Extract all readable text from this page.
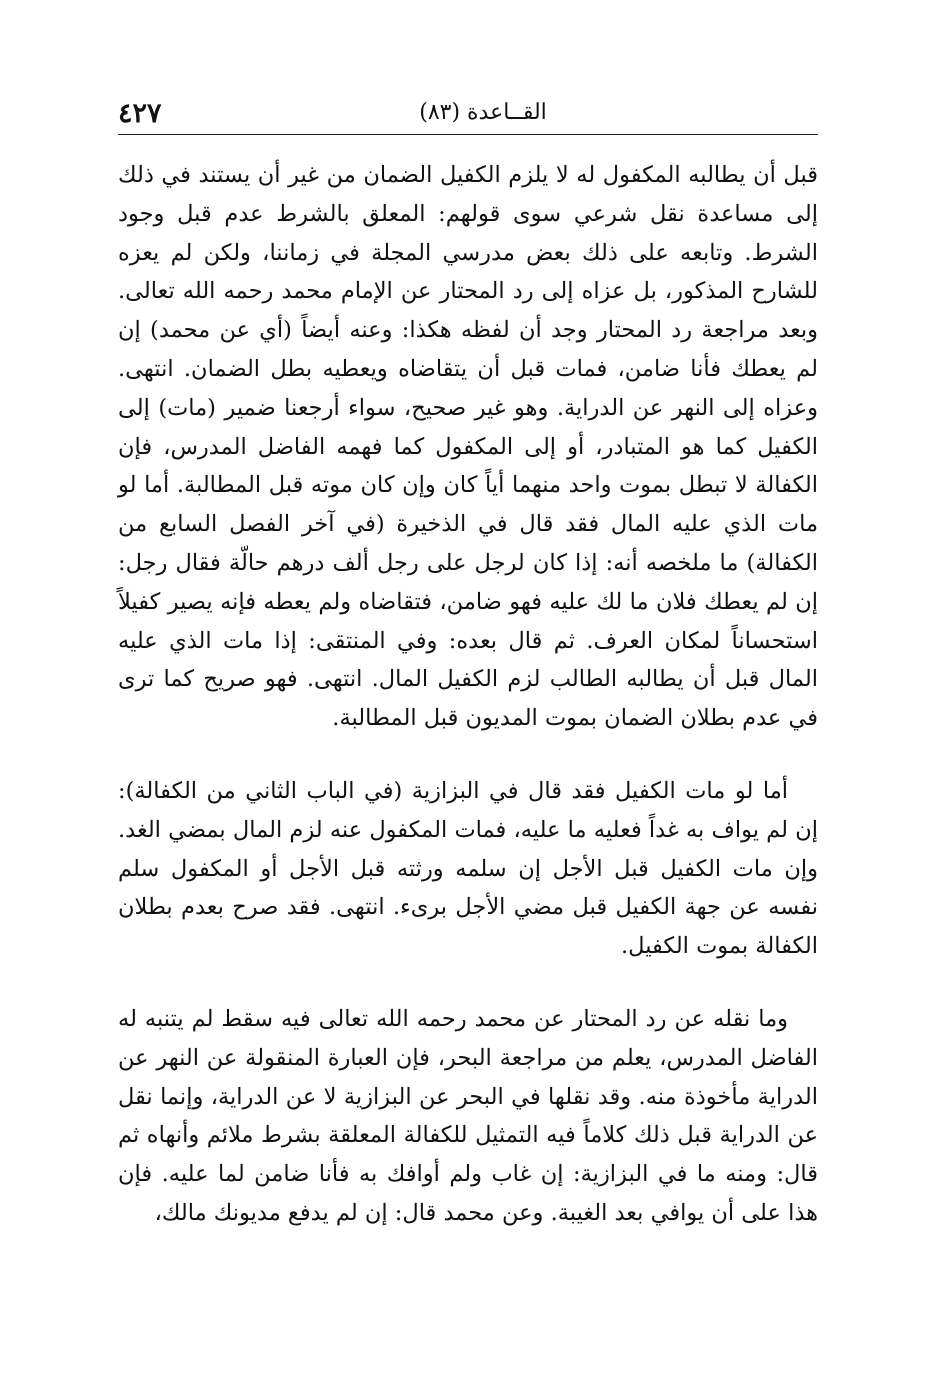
٤٢٧	القــاعدة (٨٣)

قبل أن يطالبه المكفول له لا يلزم الكفيل الضمان من غير أن يستند في ذلك إلى مساعدة نقل شرعي سوى قولهم: المعلق بالشرط عدم قبل وجود الشرط. وتابعه على ذلك بعض مدرسي المجلة في زماننا، ولكن لم يعزه للشارح المذكور، بل عزاه إلى رد المحتار عن الإمام محمد رحمه الله تعالى. وبعد مراجعة رد المحتار وجد أن لفظه هكذا: وعنه أيضاً (أي عن محمد) إن لم يعطك فأنا ضامن، فمات قبل أن يتقاضاه ويعطيه بطل الضمان. انتهى. وعزاه إلى النهر عن الدراية. وهو غير صحيح، سواء أرجعنا ضمير (مات) إلى الكفيل كما هو المتبادر، أو إلى المكفول كما فهمه الفاضل المدرس، فإن الكفالة لا تبطل بموت واحد منهما أياً كان وإن كان موته قبل المطالبة. أما لو مات الذي عليه المال فقد قال في الذخيرة (في آخر الفصل السابع من الكفالة) ما ملخصه أنه: إذا كان لرجل على رجل ألف درهم حالّة فقال رجل: إن لم يعطك فلان ما لك عليه فهو ضامن، فتقاضاه ولم يعطه فإنه يصير كفيلاً استحساناً لمكان العرف. ثم قال بعده: وفي المنتقى: إذا مات الذي عليه المال قبل أن يطالبه الطالب لزم الكفيل المال. انتهى. فهو صريح كما ترى في عدم بطلان الضمان بموت المديون قبل المطالبة.

أما لو مات الكفيل فقد قال في البزازية (في الباب الثاني من الكفالة): إن لم يواف به غداً فعليه ما عليه، فمات المكفول عنه لزم المال بمضي الغد. وإن مات الكفيل قبل الأجل إن سلمه ورثته قبل الأجل أو المكفول سلم نفسه عن جهة الكفيل قبل مضي الأجل برىء. انتهى. فقد صرح بعدم بطلان الكفالة بموت الكفيل.

وما نقله عن رد المحتار عن محمد رحمه الله تعالى فيه سقط لم يتنبه له الفاضل المدرس، يعلم من مراجعة البحر، فإن العبارة المنقولة عن النهر عن الدراية مأخوذة منه. وقد نقلها في البحر عن البزازية لا عن الدراية، وإنما نقل عن الدراية قبل ذلك كلاماً فيه التمثيل للكفالة المعلقة بشرط ملائم وأنهاه ثم قال: ومنه ما في البزازية: إن غاب ولم أوافك به فأنا ضامن لما عليه. فإن هذا على أن يوافي بعد الغيبة. وعن محمد قال: إن لم يدفع مديونك مالك،
